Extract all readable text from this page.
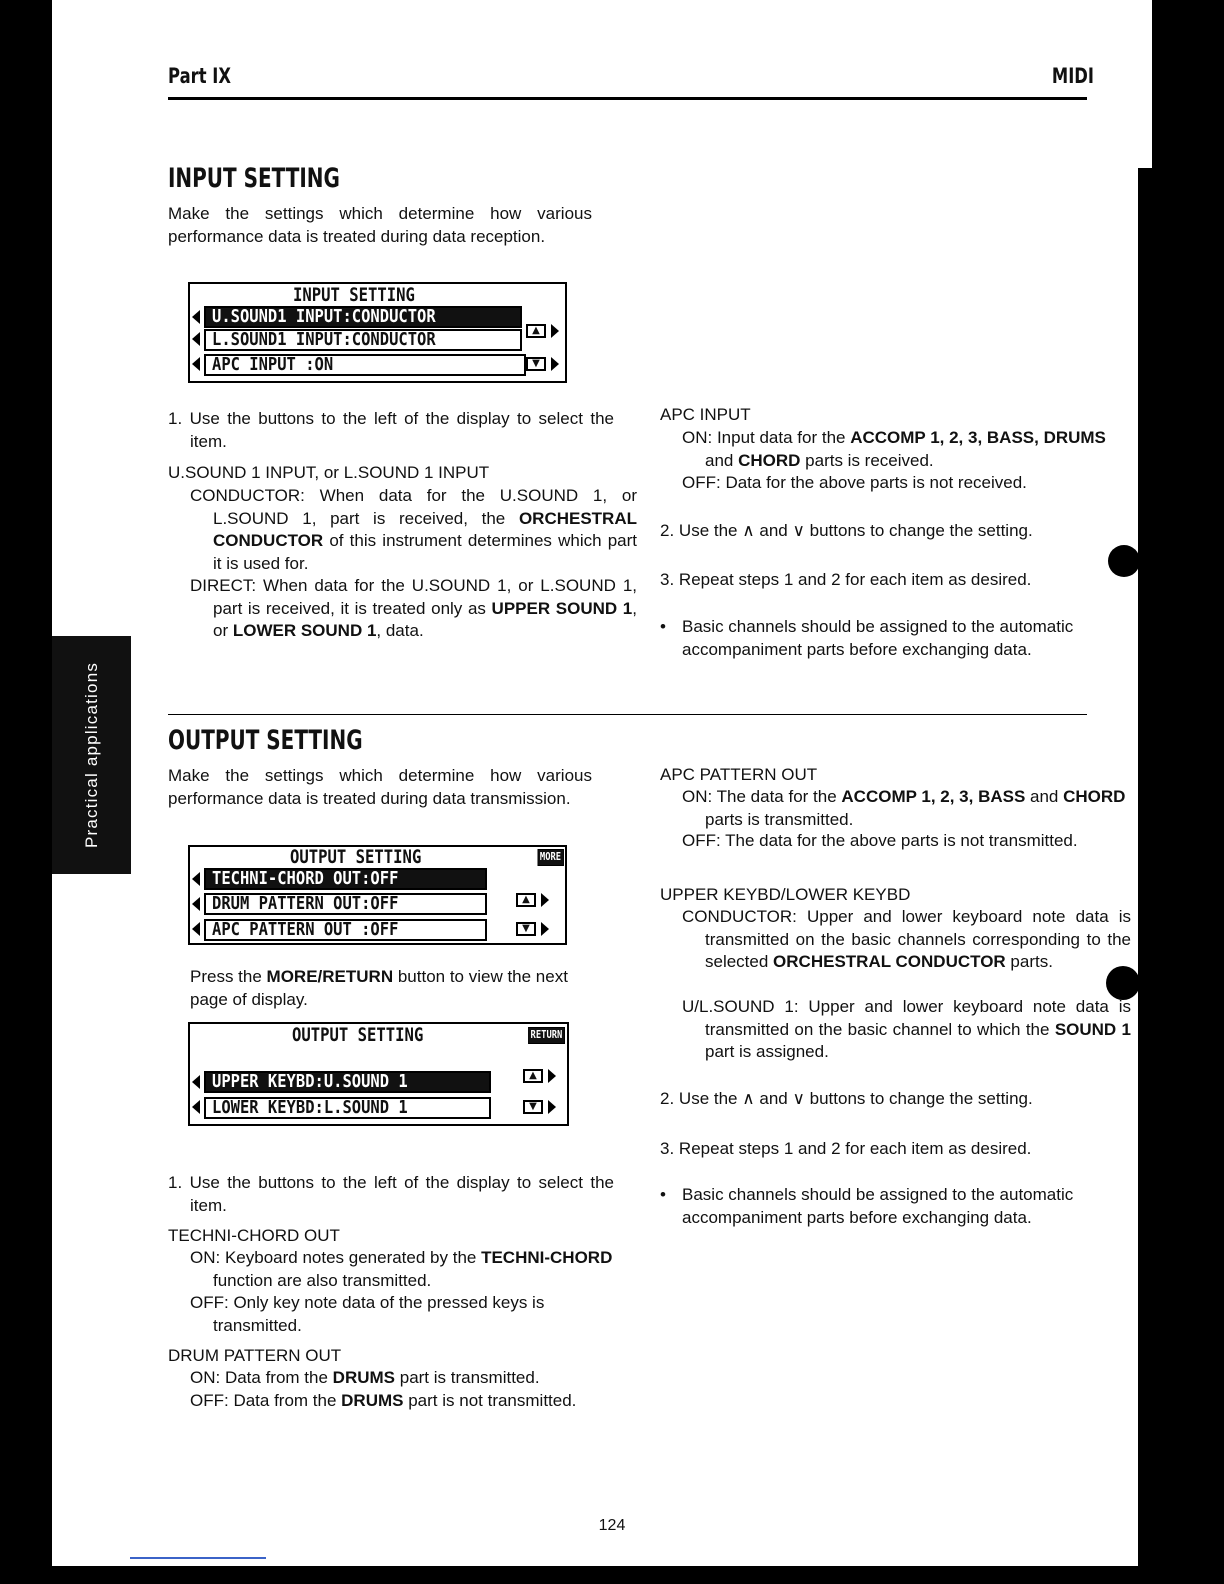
Practical applications
Part IX	MIDI
INPUT SETTING

Make the settings which determine how various performance data is treated during data reception.

INPUT SETTING
U.SOUND1 INPUT:CONDUCTOR
L.SOUND1 INPUT:CONDUCTOR	▲
APC INPUT :ON	▼
1. Use the buttons to the left of the display to select the item.
U.SOUND 1 INPUT, or L.SOUND 1 INPUT
CONDUCTOR: When data for the U.SOUND 1, or L.SOUND 1, part is received, the ORCHESTRAL CONDUCTOR of this instrument determines which part it is used for.
DIRECT: When data for the U.SOUND 1, or L.SOUND 1, part is received, it is treated only as UPPER SOUND 1, or LOWER SOUND 1, data.
APC INPUT
ON: Input data for the ACCOMP 1, 2, 3, BASS, DRUMS and CHORD parts is received.
OFF: Data for the above parts is not received.
2. Use the ∧ and ∨ buttons to change the setting.
3. Repeat steps 1 and 2 for each item as desired.
• Basic channels should be assigned to the automatic accompaniment parts before exchanging data.
OUTPUT SETTING

Make the settings which determine how various performance data is treated during data transmission.

OUTPUT SETTING	MORE
TECHNI-CHORD OUT:OFF
DRUM PATTERN OUT:OFF	▲
APC PATTERN OUT :OFF	▼
Press the MORE/RETURN button to view the next page of display.
OUTPUT SETTING	RETURN
UPPER KEYBD:U.SOUND 1	▲
LOWER KEYBD:L.SOUND 1	▼
1. Use the buttons to the left of the display to select the item.
TECHNI-CHORD OUT
ON: Keyboard notes generated by the TECHNI-CHORD function are also transmitted.
OFF: Only key note data of the pressed keys is transmitted.
DRUM PATTERN OUT
ON: Data from the DRUMS part is transmitted.
OFF: Data from the DRUMS part is not transmitted.
APC PATTERN OUT
ON: The data for the ACCOMP 1, 2, 3, BASS and CHORD parts is transmitted.
OFF: The data for the above parts is not transmitted.
UPPER KEYBD/LOWER KEYBD
CONDUCTOR: Upper and lower keyboard note data is transmitted on the basic channels corresponding to the selected ORCHESTRAL CONDUCTOR parts.
U/L.SOUND 1: Upper and lower keyboard note data is transmitted on the basic channel to which the SOUND 1 part is assigned.
2. Use the ∧ and ∨ buttons to change the setting.
3. Repeat steps 1 and 2 for each item as desired.
• Basic channels should be assigned to the automatic accompaniment parts before exchanging data.
124
